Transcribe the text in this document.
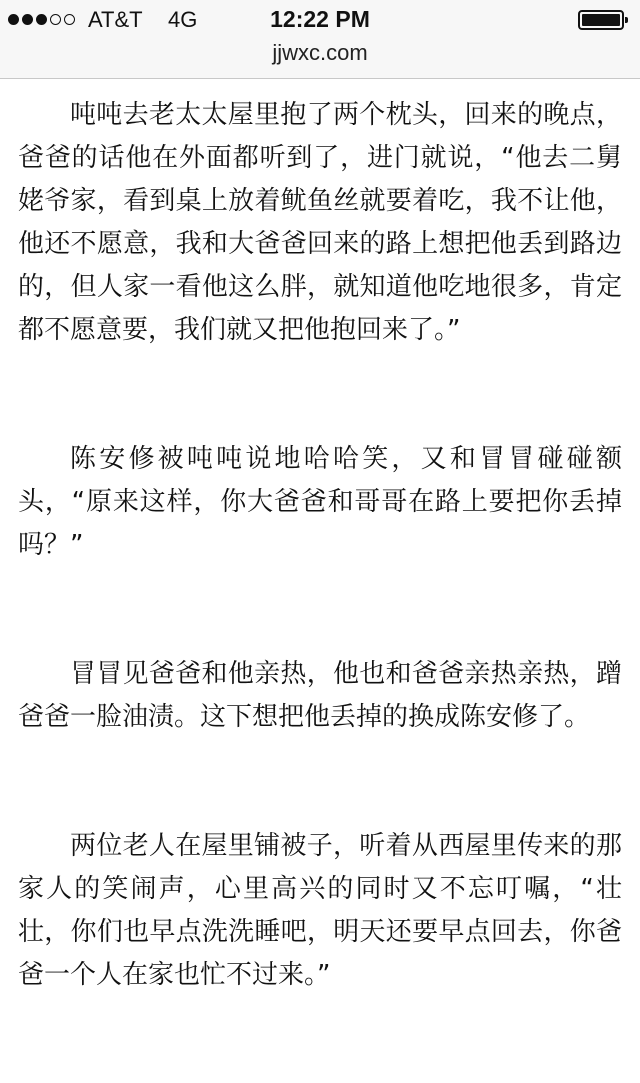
AT&T 4G	12:22 PM
jjwxc.com

吨吨去老太太屋里抱了两个枕头，回来的晚点，爸爸的话他在外面都听到了，进门就说，“他去二舅姥爷家，看到桌上放着鱿鱼丝就要着吃，我不让他，他还不愿意，我和大爸爸回来的路上想把他丢到路边的，但人家一看他这么胖，就知道他吃地很多，肯定都不愿意要，我们就又把他抱回来了。”

陈安修被吨吨说地哈哈笑，又和冒冒碰碰额头，“原来这样，你大爸爸和哥哥在路上要把你丢掉吗？”

冒冒见爸爸和他亲热，他也和爸爸亲热亲热，蹭爸爸一脸油渍。这下想把他丢掉的换成陈安修了。

两位老人在屋里铺被子，听着从西屋里传来的那家人的笑闹声，心里高兴的同时又不忘叮嘱，“壮壮，你们也早点洗洗睡吧，明天还要早点回去，你爸爸一个人在家也忙不过来。”
